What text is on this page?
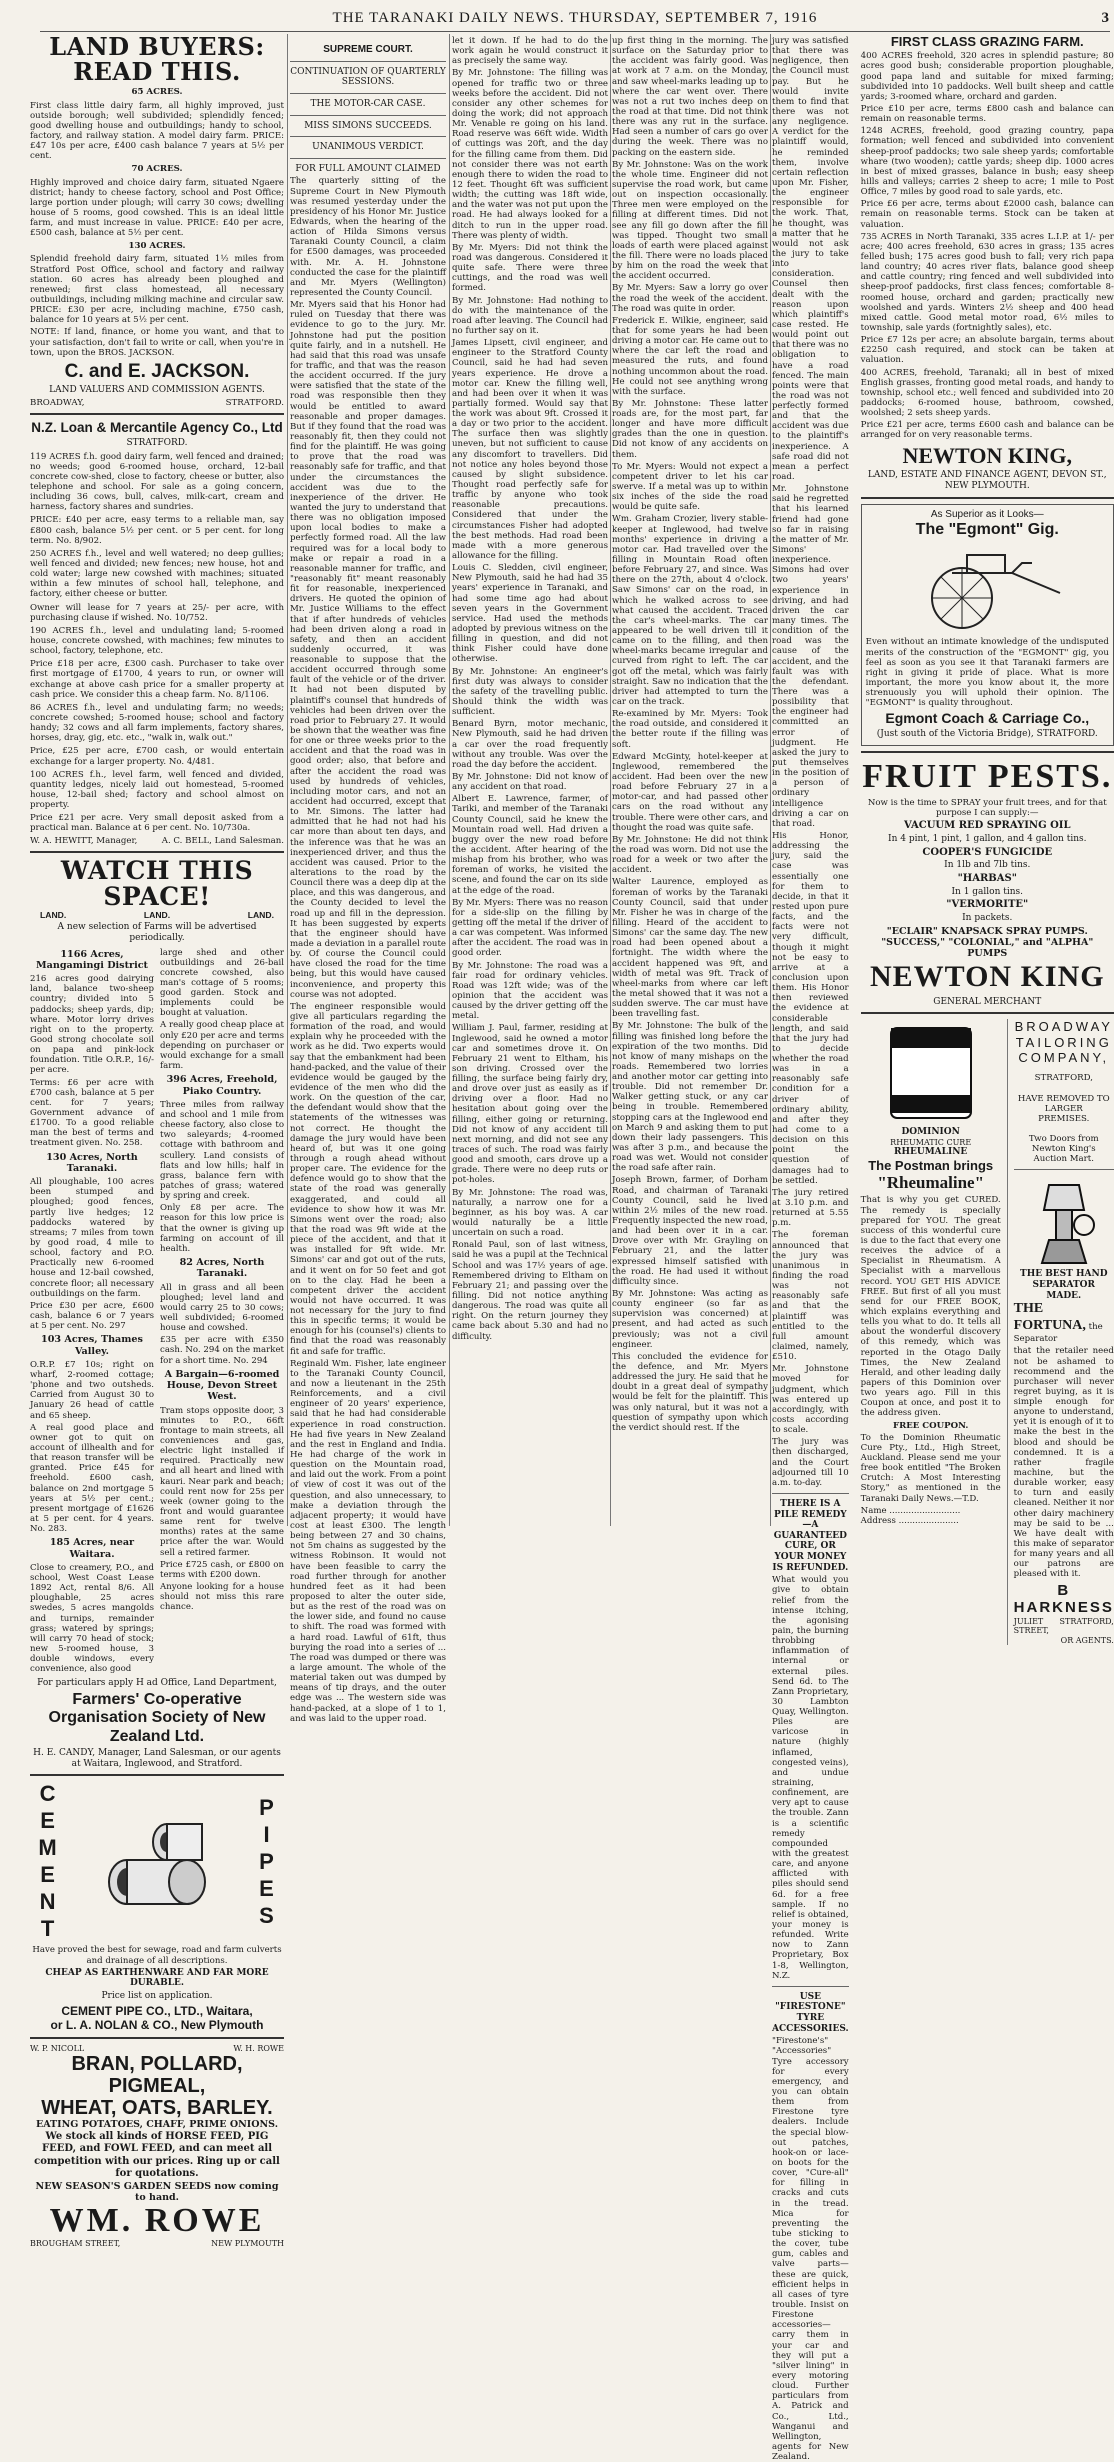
THE TARANAKI DAILY NEWS. THURSDAY, SEPTEMBER 7, 1916	3
LAND BUYERS: READ THIS.
65 ACRES.

First class little dairy farm, all highly improved, just outside borough; well subdivided; splendidly fenced; good dwelling house and outbuildings; handy to school, factory, and railway station. A model dairy farm. PRICE: £47 10s per acre, £400 cash balance 7 years at 5½ per cent.

70 ACRES.

Highly improved and choice dairy farm, situated Ngaere district; handy to cheese factory, school and Post Office; large portion under plough; will carry 30 cows; dwelling house of 5 rooms, good cowshed. This is an ideal little farm, and must increase in value. PRICE: £40 per acre, £500 cash, balance at 5½ per cent.

130 ACRES.

Splendid freehold dairy farm, situated 1½ miles from Stratford Post Office, school and factory and railway station. 60 acres has already been ploughed and renewed; first class homestead, all necessary outbuildings, including milking machine and circular saw. PRICE: £30 per acre, including machine, £750 cash, balance for 10 years at 5½ per cent.

NOTE: If land, finance, or home you want, and that to your satisfaction, don't fail to write or call, when you're in town, upon the BROS. JACKSON.

C. and E. JACKSON.
LAND VALUERS AND COMMISSION AGENTS.
BROADWAY,	STRATFORD.
N.Z. Loan & Mercantile Agency Co., Ltd
STRATFORD.

119 ACRES f.h. good dairy farm, well fenced and drained; no weeds; good 6-roomed house, orchard, 12-bail concrete cow-shed, close to factory, cheese or butter, also telephone and school. For sale as a going concern, including 36 cows, bull, calves, milk-cart, cream and harness, factory shares and sundries.

PRICE: £40 per acre, easy terms to a reliable man, say £800 cash, balance 5½ per cent. or 5 per cent. for long term. No. 8/902.

250 ACRES f.h., level and well watered; no deep gullies; well fenced and divided; new fences; new house, hot and cold water; large new cowshed with machines; situated within a few minutes of school hall, telephone, and factory, either cheese or butter.

Owner will lease for 7 years at 25/- per acre, with purchasing clause if wished. No. 10/752.

190 ACRES f.h., level and undulating land; 5-roomed house, concrete cowshed, with machines; few minutes to school, factory, telephone, etc.

Price £18 per acre, £300 cash. Purchaser to take over first mortgage of £1700, 4 years to run, or owner will exchange at above cash price for a smaller property at cash price. We consider this a cheap farm. No. 8/1106.

86 ACRES f.h., level and undulating farm; no weeds; concrete cowshed; 5-roomed house; school and factory handy; 32 cows and all farm implements, factory shares, horses, dray, gig, etc. etc., "walk in, walk out."

Price, £25 per acre, £700 cash, or would entertain exchange for a larger property. No. 4/481.

100 ACRES f.h., level farm, well fenced and divided, quantity ledges, nicely laid out homestead, 5-roomed house, 12-bail shed; factory and school almost on property.

Price £21 per acre. Very small deposit asked from a practical man. Balance at 6 per cent. No. 10/730a.

W. A. HEWITT, Manager,	A. C. BELL, Land Salesman.
WATCH THIS SPACE!
LAND.	LAND.	LAND.
A new selection of Farms will be advertised periodically.
1166 Acres, Mangamingi District

216 acres good dairying land, balance two-sheep country; divided into 5 paddocks; sheep yards, dip; whare. Motor lorry drives right on to the property. Good strong chocolate soil on papa and pink-lock foundation. Title O.R.P., 16/- per acre.

Terms: £6 per acre with £700 cash, balance at 5 per cent. for 7 years; Government advance of £1700. To a good reliable man the best of terms and treatment given. No. 258.

130 Acres, North Taranaki.

All ploughable, 100 acres been stumped and ploughed; good fences, partly live hedges; 12 paddocks watered by streams; 7 miles from town by good road, 4 mile to school, factory and P.O. Practically new 6-roomed house and 12-bail cowshed, concrete floor; all necessary outbuildings on the farm.

Price £30 per acre, £600 cash, balance 6 or 7 years at 5 per cent. No. 297

103 Acres, Thames Valley.

O.R.P. £7 10s; right on wharf, 2-roomed cottage; 'phone and two outsheds. Carried from August 30 to January 26 head of cattle and 65 sheep.

A real good place and owner got to quit on account of illhealth and for that reason transfer will be granted. Price £45 for freehold. £600 cash, balance on 2nd mortgage 5 years at 5½ per cent.; present mortgage of £1626 at 5 per cent. for 4 years. No. 283.

185 Acres, near Waitara.

Close to creamery, P.O., and school, West Coast Lease 1892 Act, rental 8/6. All ploughable, 25 acres swedes, 5 acres mangolds and turnips, remainder grass; watered by springs; will carry 70 head of stock; new 5-roomed house, 3 double windows, every convenience, also good

large shed and other outbuildings and 26-bail concrete cowshed, also man's cottage of 5 rooms; good garden. Stock and implements could be bought at valuation.

A really good cheap place at only £20 per acre and terms depending on purchaser or would exchange for a small farm.

396 Acres, Freehold, Piako Country.

Three miles from railway and school and 1 mile from cheese factory, also close to two saleyards; 4-roomed cottage with bathroom and scullery. Land consists of flats and low hills; half in grass, balance fern with patches of grass; watered by spring and creek.

Only £8 per acre. The reason for this low price is that the owner is giving up farming on account of ill health.

82 Acres, North Taranaki.

All in grass and all been ploughed; level land and would carry 25 to 30 cows; well subdivided; 6-roomed house and cowshed.

£35 per acre with £350 cash. No. 294 on the market for a short time. No. 294

A Bargain—6-roomed House, Devon Street West.

Tram stops opposite door, 3 minutes to P.O., 66ft frontage to main streets, all conveniences and gas, electric light installed if required. Practically new and all heart and lined with kauri. Near park and beach; could rent now for 25s per week (owner going to the front and would guarantee same rent for twelve months) rates at the same price after the war. Would sell a retired farmer.

Price £725 cash, or £800 on terms with £200 down.

Anyone looking for a house should not miss this rare chance.

For particulars apply H ad Office, Land Department,
Farmers' Co-operative Organisation Society of New Zealand Ltd.
H. E. CANDY, Manager, Land Salesman, or our agents at Waitara, Inglewood, and Stratford.
CEMENT	PIPES

Have proved the best for sewage, road and farm culverts and drainage of all descriptions.

CHEAP AS EARTHENWARE AND FAR MORE DURABLE.
Price list on application.
CEMENT PIPE CO., LTD., Waitara,
or L. A. NOLAN & CO., New Plymouth
W. P. NICOLL	W. H. ROWE
BRAN, POLLARD, PIGMEAL,
WHEAT, OATS, BARLEY.
EATING POTATOES, CHAFF, PRIME ONIONS.
We stock all kinds of HORSE FEED, PIG FEED, and FOWL FEED, and can meet all competition with our prices. Ring up or call for quotations.
NEW SEASON'S GARDEN SEEDS now coming to hand.
WM. ROWE
BROUGHAM STREET,	NEW PLYMOUTH
SUPREME COURT.
CONTINUATION OF QUARTERLY SESSIONS.
THE MOTOR-CAR CASE.
MISS SIMONS SUCCEEDS.
UNANIMOUS VERDICT.
FOR FULL AMOUNT CLAIMED

The quarterly sitting of the Supreme Court in New Plymouth was resumed yesterday under the presidency of his Honor Mr. Justice Edwards, when the hearing of the action of Hilda Simons versus Taranaki County Council, a claim for £500 damages, was proceeded with. Mr. A. H. Johnstone conducted the case for the plaintiff and Mr. Myers (Wellington) represented the County Council.

Mr. Myers said that his Honor had ruled on Tuesday that there was evidence to go to the jury. Mr. Johnstone had put the position quite fairly, and in a nutshell. He had said that this road was unsafe for traffic, and that was the reason the accident occurred. If the jury were satisfied that the state of the road was responsible then they would be entitled to award reasonable and proper damages. But if they found that the road was reasonably fit, then they could not find for the plaintiff. He was going to prove that the road was reasonably safe for traffic, and that under the circumstances the accident was due to the inexperience of the driver. He wanted the jury to understand that there was no obligation imposed upon local bodies to make a perfectly formed road. All the law required was for a local body to make or repair a road in a reasonable manner for traffic, and "reasonably fit" meant reasonably fit for reasonable, inexperienced drivers. He quoted the opinion of Mr. Justice Williams to the effect that if after hundreds of vehicles had been driven along a road in safety, and then an accident suddenly occurred, it was reasonable to suppose that the accident occurred through some fault of the vehicle or of the driver. It had not been disputed by plaintiff's counsel that hundreds of vehicles had been driven over the road prior to February 27. It would be shown that the weather was fine for one or three weeks prior to the accident and that the road was in good order; also, that before and after the accident the road was used by hundreds of vehicles, including motor cars, and not an accident had occurred, except that to Mr. Simons. The latter had admitted that he had not had his car more than about ten days, and the inference was that he was an inexperienced driver, and thus the accident was caused. Prior to the alterations to the road by the Council there was a deep dip at the place, and this was dangerous, and the County decided to level the road up and fill in the depression. It has been suggested by experts that the engineer should have made a deviation in a parallel route by. Of course the Council could have closed the road for the time being, but this would have caused inconvenience, and property this course was not adopted.

The engineer responsible would give all particulars regarding the formation of the road, and would explain why he proceeded with the work as he did. Two experts would say that the embankment had been hand-packed, and the value of their evidence would be gauged by the evidence of the men who did the work. On the question of the car, the defendant would show that the statements of the witnesses was not correct. He thought the damage the jury would have been heard of, but was it one going through a rough ahead without proper care. The evidence for the defence would go to show that the state of the road was generally exaggerated, and could all evidence to show how it was Mr. Simons went over the road; also that the road was 9ft wide at the piece of the accident, and that it was installed for 9ft wide. Mr. Simons' car and got out of the ruts, and it went on for 50 feet and got on to the clay. Had he been a competent driver the accident would not have occurred. It was not necessary for the jury to find this in specific terms; it would be enough for his (counsel's) clients to find that the road was reasonably fit and safe for traffic.

Reginald Wm. Fisher, late engineer to the Taranaki County Council, and now a lieutenant in the 25th Reinforcements, and a civil engineer of 20 years' experience, said that he had had considerable experience in road construction. He had five years in New Zealand and the rest in England and India. He had charge of the work in question on the Mountain road, and laid out the work. From a point of view of cost it was out of the question, and also unnecessary, to make a deviation through the adjacent property; it would have cost at least £300. The length being between 27 and 30 chains, not 5m chains as suggested by the witness Robinson. It would not have been feasible to carry the road further through for another hundred feet as it had been proposed to alter the outer side, but as the rest of the road was on the lower side, and found no cause to shift. The road was formed with a hard road. Lawful of 61ft, thus burying the road into a series of ... The road was dumped or there was a large amount. The whole of the material taken out was dumped by means of tip drays, and the outer edge was ... The western side was hand-packed, at a slope of 1 to 1, and was laid to the upper road.

let it down. If he had to do the work again he would construct it as precisely the same way.

By Mr. Johnstone: The filling was opened for traffic two or three weeks before the accident. Did not consider any other schemes for doing the work; did not approach Mr. Venable re going on his land. Road reserve was 66ft wide. Width of cuttings was 20ft, and the day for the filling came from them. Did not consider there was not earth enough there to widen the road to 12 feet. Thought 6ft was sufficient width; the cutting was 18ft wide, and the water was not put upon the road. He had always looked for a ditch to run in the upper road. There was plenty of width.

By Mr. Myers: Did not think the road was dangerous. Considered it quite safe. There were three cuttings, and the road was well formed.

By Mr. Johnstone: Had nothing to do with the maintenance of the road after leaving. The Council had no further say on it.

James Lipsett, civil engineer, and engineer to the Stratford County Council, said he had had seven years experience. He drove a motor car. Knew the filling well, and had been over it when it was partially formed. Would say that the work was about 9ft. Crossed it a day or two prior to the accident. The surface then was slightly uneven, but not sufficient to cause any discomfort to travellers. Did not notice any holes beyond those caused by slight subsidence. Thought road perfectly safe for traffic by anyone who took reasonable precautions. Considered that under the circumstances Fisher had adopted the best methods. Had road been made with a more generous allowance for the filling.

Louis C. Sledden, civil engineer, New Plymouth, said he had had 35 years' experience in Taranaki, and had some time ago had about seven years in the Government service. Had used the methods adopted by previous witness on the filling in question, and did not think Fisher could have done otherwise.

By Mr. Johnstone: An engineer's first duty was always to consider the safety of the travelling public. Should think the width was sufficient.

Benard Byrn, motor mechanic, New Plymouth, said he had driven a car over the road frequently without any trouble. Was over the road the day before the accident.

By Mr. Johnstone: Did not know of any accident on that road.

Albert E. Lawrence, farmer, of Tariki, and member of the Taranaki County Council, said he knew the Mountain road well. Had driven a buggy over the new road before the accident. After hearing of the mishap from his brother, who was foreman of works, he visited the scene, and found the car on its side at the edge of the road.

By Mr. Myers: There was no reason for a side-slip on the filling by getting off the metal if the driver of a car was competent. Was informed after the accident. The road was in good order.

By Mr. Johnstone: The road was a fair road for ordinary vehicles. Road was 12ft wide; was of the opinion that the accident was caused by the driver getting off the metal.

William J. Paul, farmer, residing at Inglewood, said he owned a motor car and sometimes drove it. On February 21 went to Eltham, his son driving. Crossed over the filling, the surface being fairly dry, and drove over just as easily as if driving over a floor. Had no hesitation about going over the filling, either going or returning. Did not know of any accident till next morning, and did not see any traces of such. The road was fairly good and smooth, cars drove up a grade. There were no deep ruts or pot-holes.

By Mr. Johnstone: The road was, naturally, a narrow one for a beginner, as his boy was. A car would naturally be a little uncertain on such a road.

Ronald Paul, son of last witness, said he was a pupil at the Technical School and was 17½ years of age. Remembered driving to Eltham on February 21; and passing over the filling. Did not notice anything dangerous. The road was quite all right. On the return journey they came back about 5.30 and had no difficulty.

up first thing in the morning. The surface on the Saturday prior to the accident was fairly good. Was at work at 7 a.m. on the Monday, and saw wheel-marks leading up to where the car went over. There was not a rut two inches deep on the road at that time. Did not think there was any rut in the surface. Had seen a number of cars go over during the week. There was no packing on the eastern side.

By Mr. Johnstone: Was on the work the whole time. Engineer did not supervise the road work, but came out on inspection occasionally. Three men were employed on the filling at different times. Did not see any fill go down after the fill was tipped. Thought two small loads of earth were placed against the fill. There were no loads placed by him on the road the week that the accident occurred.

By Mr. Myers: Saw a lorry go over the road the week of the accident. The road was quite in order.

Frederick E. Wilkie, engineer, said that for some years he had been driving a motor car. He came out to where the car left the road and measured the ruts, and found nothing uncommon about the road. He could not see anything wrong with the surface.

By Mr. Johnstone: These latter roads are, for the most part, far longer and have more difficult grades than the one in question. Did not know of any accidents on them.

To Mr. Myers: Would not expect a competent driver to let his car swerve. If a metal was up to within six inches of the side the road would be quite safe.

Wm. Graham Crozier, livery stable-keeper at Inglewood, had twelve months' experience in driving a motor car. Had travelled over the filling in Mountain Road often before February 27, and since. Was there on the 27th, about 4 o'clock. Saw Simons' car on the road, in which he walked across to see what caused the accident. Traced the car's wheel-marks. The car appeared to be well driven till it came on to the filling, and then wheel-marks became irregular and curved from right to left. The car got off the metal, which was fairly straight. Saw no indication that the driver had attempted to turn the car on the track.

Re-examined by Mr. Myers: Took the road outside, and considered it the better route if the filling was soft.

Edward McGinty, hotel-keeper at Inglewood, remembered the accident. Had been over the new road before February 27 in a motor-car, and had passed other cars on the road without any trouble. There were other cars, and thought the road was quite safe.

By Mr. Johnstone: He did not think the road was worn. Did not use the road for a week or two after the accident.

Walter Laurence, employed as foreman of works by the Taranaki County Council, said that under Mr. Fisher he was in charge of the filling. Heard of the accident to Simons' car the same day. The new road had been opened about a fortnight. The width where the accident happened was 9ft, and width of metal was 9ft. Track of wheel-marks from where car left the metal showed that it was not a sudden swerve. The car must have been travelling fast.

By Mr. Johnstone: The bulk of the filling was finished long before the expiration of the two months. Did not know of many mishaps on the roads. Remembered two lorries and another motor car getting into trouble. Did not remember Dr. Walker getting stuck, or any car being in trouble. Remembered stopping cars at the Inglewood end on March 9 and asking them to put down their lady passengers. This was after 3 p.m., and because the road was wet. Would not consider the road safe after rain.

Joseph Brown, farmer, of Dorham Road, and chairman of Taranaki County Council, said he lived within 2½ miles of the new road. Frequently inspected the new road, and had been over it in a car. Drove over with Mr. Grayling on February 21, and the latter expressed himself satisfied with the road. He had used it without difficulty since.

By Mr. Johnstone: Was acting as county engineer (so far as supervision was concerned) at present, and had acted as such previously; was not a civil engineer.

This concluded the evidence for the defence, and Mr. Myers addressed the jury. He said that he doubt in a great deal of sympathy would be felt for the plaintiff. This was only natural, but it was not a question of sympathy upon which the verdict should rest. If the

jury was satisfied that there was negligence, then the Council must pay. But he would invite them to find that there was not any negligence. A verdict for the plaintiff would, he reminded them, involve certain reflection upon Mr. Fisher, the engineer responsible for the work. That, he thought, was a matter that he would not ask the jury to take into consideration. Counsel then dealt with the reason upon which plaintiff's case rested. He would point out that there was no obligation to have a road fenced. The main points were that the road was not perfectly formed and that the accident was due to the plaintiff's inexperience. A safe road did not mean a perfect road.

Mr. Johnstone said he regretted that his learned friend had gone so far in raising the matter of Mr. Simons' inexperience. Simons had over two years' experience in driving, and had driven the car many times. The condition of the road was the cause of the accident, and the fault was with the defendant. There was a possibility that the engineer had committed an error of judgment. He asked the jury to put themselves in the position of a person of ordinary intelligence driving a car on that road.

His Honor, addressing the jury, said the case was essentially one for them to decide, in that it rested upon pure facts, and the facts were not very difficult, though it might not be easy to arrive at a conclusion upon them. His Honor then reviewed the evidence at considerable length, and said that the jury had to decide whether the road was in a reasonably safe condition for a driver of ordinary ability, and after they had come to a decision on this point the question of damages had to be settled.

The jury retired at 3.10 p.m. and returned at 5.55 p.m.

The foreman announced that the jury was unanimous in finding the road was not reasonably safe and that the plaintiff was entitled to the full amount claimed, namely, £510.

Mr. Johnstone moved for judgment, which was entered up accordingly, with costs according to scale.

The jury was then discharged, and the Court adjourned till 10 a.m. to-day.

THERE IS A PILE REMEDY—A GUARANTEED CURE, OR YOUR MONEY IS REFUNDED.

What would you give to obtain relief from the intense itching, the agonising pain, the burning throbbing inflammation of internal or external piles. Send 6d. to The Zann Proprietary, 30 Lambton Quay, Wellington. Piles are varicose in nature (highly inflamed, congested veins), and undue straining, confinement, are very apt to cause the trouble. Zann is a scientific remedy compounded with the greatest care, and anyone afflicted with piles should send 6d. for a free sample. If no relief is obtained, your money is refunded. Write now to Zann Proprietary, Box 1-8, Wellington, N.Z.

USE "FIRESTONE" TYRE ACCESSORIES.

"Firestone's" "Accessories" Tyre accessory for every emergency, and you can obtain them from Firestone tyre dealers. Include the special blow-out patches, hook-on or lace-on boots for the cover, "Cure-all" for filling in cracks and cuts in the tread. Mica for preventing the tube sticking to the cover, tube gum, cables and valve parts—these are quick, efficient helps in all cases of tyre trouble. Insist on Firestone accessories—carry them in your car and they will put a "silver lining" in every motoring cloud. Further particulars from A. Patrick and Co., Ltd., Wanganui and Wellington, agents for New Zealand.

FIRST CLASS GRAZING FARM.

400 ACRES freehold, 320 acres in splendid pasture; 80 acres good bush; considerable proportion ploughable, good papa land and suitable for mixed farming; subdivided into 10 paddocks. Well built sheep and cattle yards; 3-roomed whare, orchard and garden.

Price £10 per acre, terms £800 cash and balance can remain on reasonable terms.

1248 ACRES, freehold, good grazing country, papa formation; well fenced and subdivided into convenient sheep-proof paddocks; two sale sheep yards; comfortable whare (two wooden); cattle yards; sheep dip. 1000 acres in best of mixed grasses, balance in bush; easy sheep hills and valleys; carries 2 sheep to acre; 1 mile to Post Office, 7 miles by good road to sale yards, etc.

Price £6 per acre, terms about £2000 cash, balance can remain on reasonable terms. Stock can be taken at valuation.

735 ACRES in North Taranaki, 335 acres L.I.P. at 1/- per acre; 400 acres freehold, 630 acres in grass; 135 acres felled bush; 175 acres good bush to fall; very rich papa land country; 40 acres river flats, balance good sheep and cattle country; ring fenced and well subdivided into sheep-proof paddocks, first class fences; comfortable 8-roomed house, orchard and garden; practically new woolshed and yards. Winters 2½ sheep and 400 head mixed cattle. Good metal motor road, 6½ miles to township, sale yards (fortnightly sales), etc.

Price £7 12s per acre; an absolute bargain, terms about £2250 cash required, and stock can be taken at valuation.

400 ACRES, freehold, Taranaki; all in best of mixed English grasses, fronting good metal roads, and handy to township, school etc.; well fenced and subdivided into 20 paddocks; 6-roomed house, bathroom, cowshed, woolshed; 2 sets sheep yards.

Price £21 per acre, terms £600 cash and balance can be arranged for on very reasonable terms.

NEWTON KING,
LAND, ESTATE AND FINANCE AGENT, DEVON ST., NEW PLYMOUTH.
As Superior as it Looks—
The "Egmont" Gig.

Even without an intimate knowledge of the undisputed merits of the construction of the "EGMONT" gig, you feel as soon as you see it that Taranaki farmers are right in giving it pride of place. What is more important, the more you know about it, the more strenuously you will uphold their opinion. The "EGMONT" is quality throughout.

Egmont Coach & Carriage Co.,
(Just south of the Victoria Bridge), STRATFORD.
FRUIT PESTS.

Now is the time to SPRAY your fruit trees, and for that purpose I can supply:—

VACUUM RED SPRAYING OIL
In 4 pint, 1 pint, 1 gallon, and 4 gallon tins.
COOPER'S FUNGICIDE
In 1lb and 7lb tins.
"HARBAS"
In 1 gallon tins.
"VERMORITE"
In packets.
"ECLAIR" KNAPSACK SPRAY PUMPS.
"SUCCESS," "COLONIAL," and "ALPHA" PUMPS
NEWTON KING
GENERAL MERCHANT
DOMINION
RHEUMATIC CURE
RHEUMALINE
The Postman brings
"Rheumaline"

That is why you get CURED. The remedy is specially prepared for YOU. The great success of this wonderful cure is due to the fact that every one receives the advice of a Specialist in Rheumatism. A Specialist with a marvellous record. YOU GET HIS ADVICE FREE. But first of all you must send for our FREE BOOK, which explains everything and tells you what to do. It tells all about the wonderful discovery of this remedy, which was reported in the Otago Daily Times, the New Zealand Herald, and other leading daily papers of this Dominion over two years ago. Fill in this Coupon at once, and post it to the address given.

FREE COUPON.

To the Dominion Rheumatic Cure Pty., Ltd., High Street, Auckland. Please send me your free book entitled "The Broken Crutch: A Most Interesting Story," as mentioned in the Taranaki Daily News.—T.D.

Name ..........................
Address ......................
BROADWAY
TAILORING
COMPANY,
STRATFORD,
HAVE REMOVED TO LARGER
PREMISES.
Two Doors from Newton King's
Auction Mart.
THE BEST HAND SEPARATOR MADE.
THE FORTUNA, the Separator

that the retailer need not be ashamed to recommend and the purchaser will never regret buying, as it is simple enough for anyone to understand, yet it is enough of it to make the best in the blood and should be condemned. It is a rather fragile machine, but the durable worker, easy to turn and easily cleaned. Neither it nor other dairy machinery may be said to be ... We have dealt with this make of separator for many years and all our patrons are pleased with it.

B HARKNESS
JULIET STREET,
STRATFORD,
OR AGENTS.
